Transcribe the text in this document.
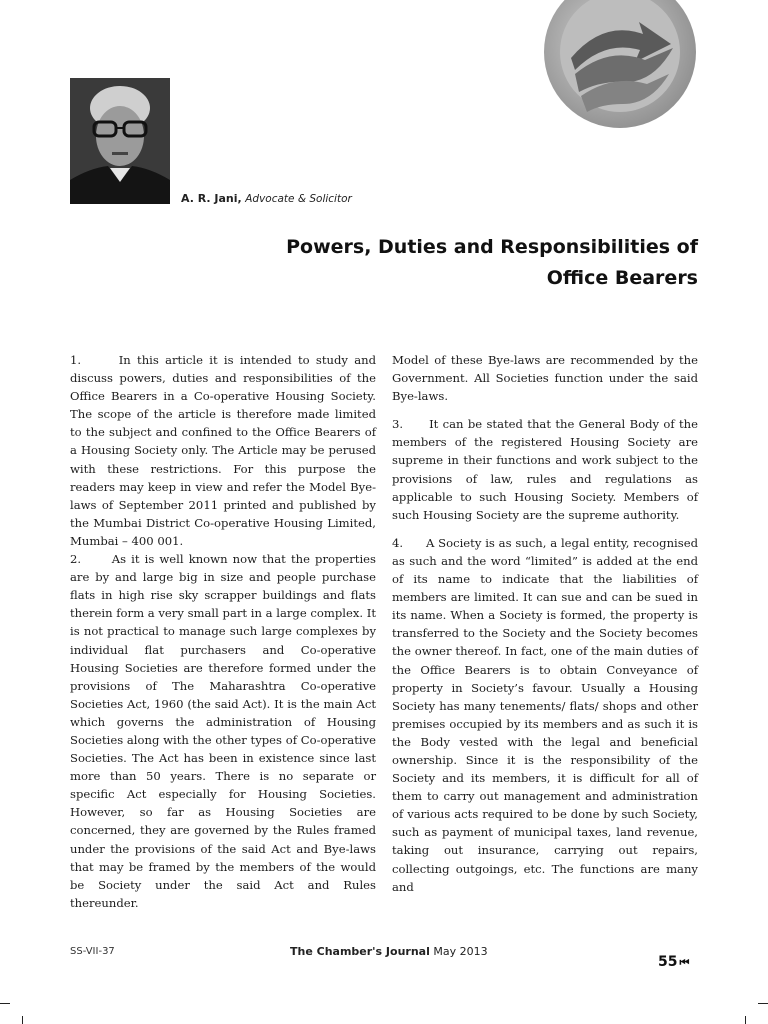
A. R. Jani, Advocate & Solicitor
Powers, Duties and Responsibilities of
Office Bearers

1.      In this article it is intended to study and discuss powers, duties and responsibilities of the Office Bearers in a Co-operative Housing Society. The scope of the article is therefore made limited to the subject and confined to the Office Bearers of a Housing Society only. The Article may be perused with these restrictions. For this purpose the readers may keep in view and refer the Model Bye-laws of September 2011 printed and published by the Mumbai District Co-operative Housing Limited, Mumbai – 400 001.

2.      As it is well known now that the properties are by and large big in size and people purchase flats in high rise sky scrapper buildings and flats therein form a very small part in a large complex. It is not practical to manage such large complexes by individual flat purchasers and Co-operative Housing Societies are therefore formed under the provisions of The Maharashtra Co-operative Societies Act, 1960 (the said Act). It is the main Act which governs the administration of Housing Societies along with the other types of Co-operative Societies. The Act has been in existence since last more than 50 years. There is no separate or specific Act especially for Housing Societies. However, so far as Housing Societies are concerned, they are governed by the Rules framed under the provisions of the said Act and Bye-laws that may be framed by the members of the would be Society under the said Act and Rules thereunder.

Model of these Bye-laws are recommended by the Government. All Societies function under the said Bye-laws.

3.      It can be stated that the General Body of the members of the registered Housing Society are supreme in their functions and work subject to the provisions of law, rules and regulations as applicable to such Housing Society. Members of such Housing Society are the supreme authority.

4.      A Society is as such, a legal entity, recognised as such and the word “limited” is added at the end of its name to indicate that the liabilities of members are limited. It can sue and can be sued in its name. When a Society is formed, the property is transferred to the Society and the Society becomes the owner thereof. In fact, one of the main duties of the Office Bearers is to obtain Conveyance of property in Society’s favour. Usually a Housing Society has many tenements/ flats/ shops and other premises occupied by its members and as such it is the Body vested with the legal and beneficial ownership. Since it is the responsibility of the Society and its members, it is difficult for all of them to carry out management and administration of various acts required to be done by such Society, such as payment of municipal taxes, land revenue, taking out insurance, carrying out repairs, collecting outgoings, etc. The functions are many and

SS-VII-37	The Chamber's Journal May 2013
55 ⏮
